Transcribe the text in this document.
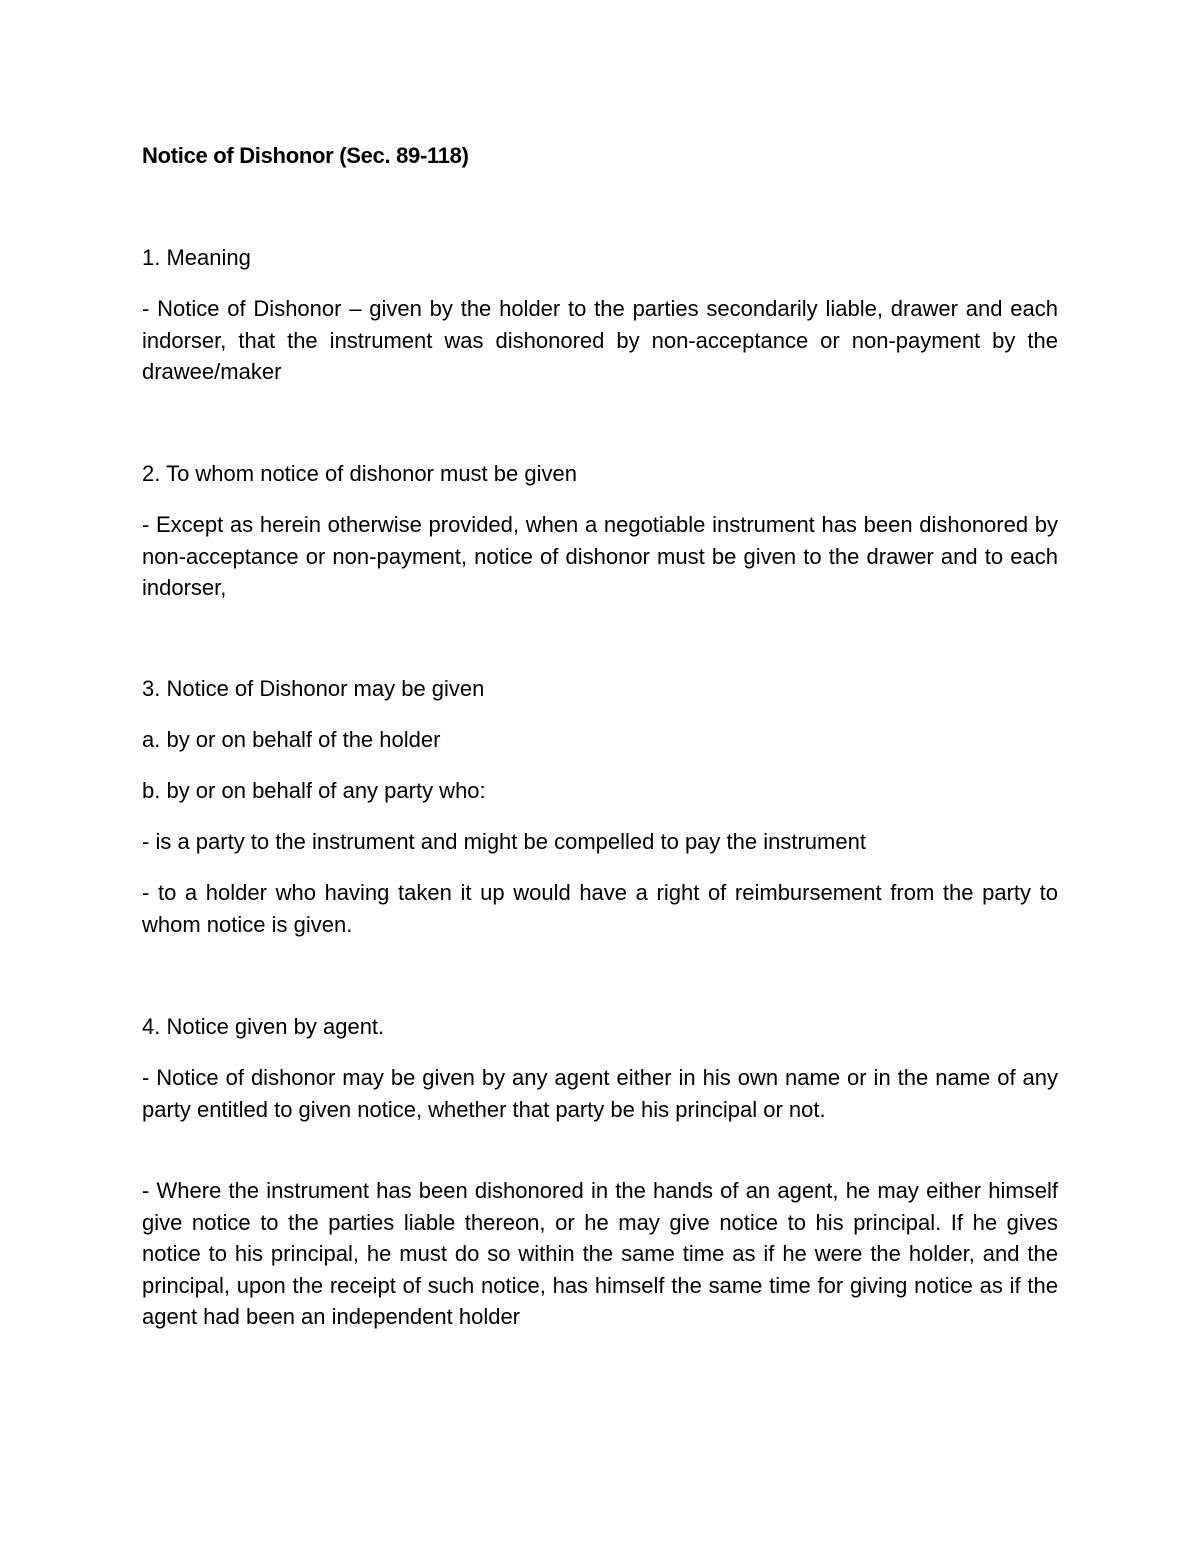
Notice of Dishonor (Sec. 89-118)

1. Meaning

- Notice of Dishonor – given by the holder to the parties secondarily liable, drawer and each indorser, that the instrument was dishonored by non-acceptance or non-payment by the drawee/maker

2. To whom notice of dishonor must be given

- Except as herein otherwise provided, when a negotiable instrument has been dishonored by non-acceptance or non-payment, notice of dishonor must be given to the drawer and to each indorser,

3. Notice of Dishonor may be given

a. by or on behalf of the holder

b. by or on behalf of any party who:

- is a party to the instrument and might be compelled to pay the instrument

- to a holder who having taken it up would have a right of reimbursement from the party to whom notice is given.

4. Notice given by agent.

- Notice of dishonor may be given by any agent either in his own name or in the name of any party entitled to given notice, whether that party be his principal or not.

- Where the instrument has been dishonored in the hands of an agent, he may either himself give notice to the parties liable thereon, or he may give notice to his principal. If he gives notice to his principal, he must do so within the same time as if he were the holder, and the principal, upon the receipt of such notice, has himself the same time for giving notice as if the agent had been an independent holder
